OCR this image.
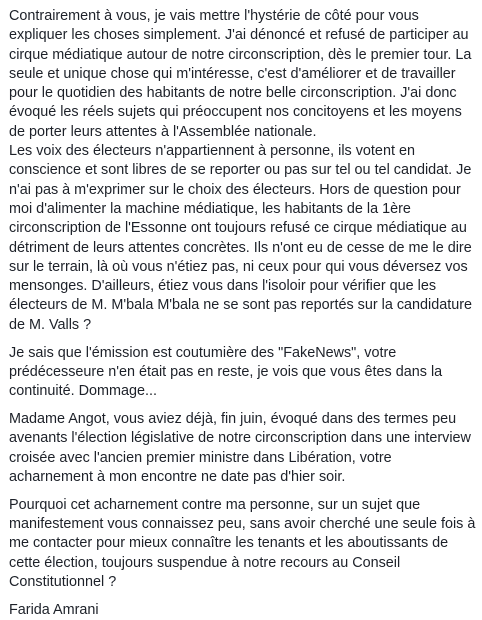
Contrairement à vous, je vais mettre l'hystérie de côté pour vous
expliquer les choses simplement. J'ai dénoncé et refusé de participer au
cirque médiatique autour de notre circonscription, dès le premier tour. La
seule et unique chose qui m'intéresse, c'est d'améliorer et de travailler
pour le quotidien des habitants de notre belle circonscription. J'ai donc
évoqué les réels sujets qui préoccupent nos concitoyens et les moyens
de porter leurs attentes à l'Assemblée nationale.
Les voix des électeurs n'appartiennent à personne, ils votent en
conscience et sont libres de se reporter ou pas sur tel ou tel candidat. Je
n'ai pas à m'exprimer sur le choix des électeurs. Hors de question pour
moi d'alimenter la machine médiatique, les habitants de la 1ère
circonscription de l'Essonne ont toujours refusé ce cirque médiatique au
détriment de leurs attentes concrètes. Ils n'ont eu de cesse de me le dire
sur le terrain, là où vous n'étiez pas, ni ceux pour qui vous déversez vos
mensonges. D'ailleurs, étiez vous dans l'isoloir pour vérifier que les
électeurs de M. M'bala M'bala ne se sont pas reportés sur la candidature
de M. Valls ?

Je sais que l'émission est coutumière des "FakeNews", votre
prédécesseure n'en était pas en reste, je vois que vous êtes dans la
continuité. Dommage...

Madame Angot, vous aviez déjà, fin juin, évoqué dans des termes peu
avenants l'élection législative de notre circonscription dans une interview
croisée avec l'ancien premier ministre dans Libération, votre
acharnement à mon encontre ne date pas d'hier soir.

Pourquoi cet acharnement contre ma personne, sur un sujet que
manifestement vous connaissez peu, sans avoir cherché une seule fois à
me contacter pour mieux connaître les tenants et les aboutissants de
cette élection, toujours suspendue à notre recours au Conseil
Constitutionnel ?

Farida Amrani
